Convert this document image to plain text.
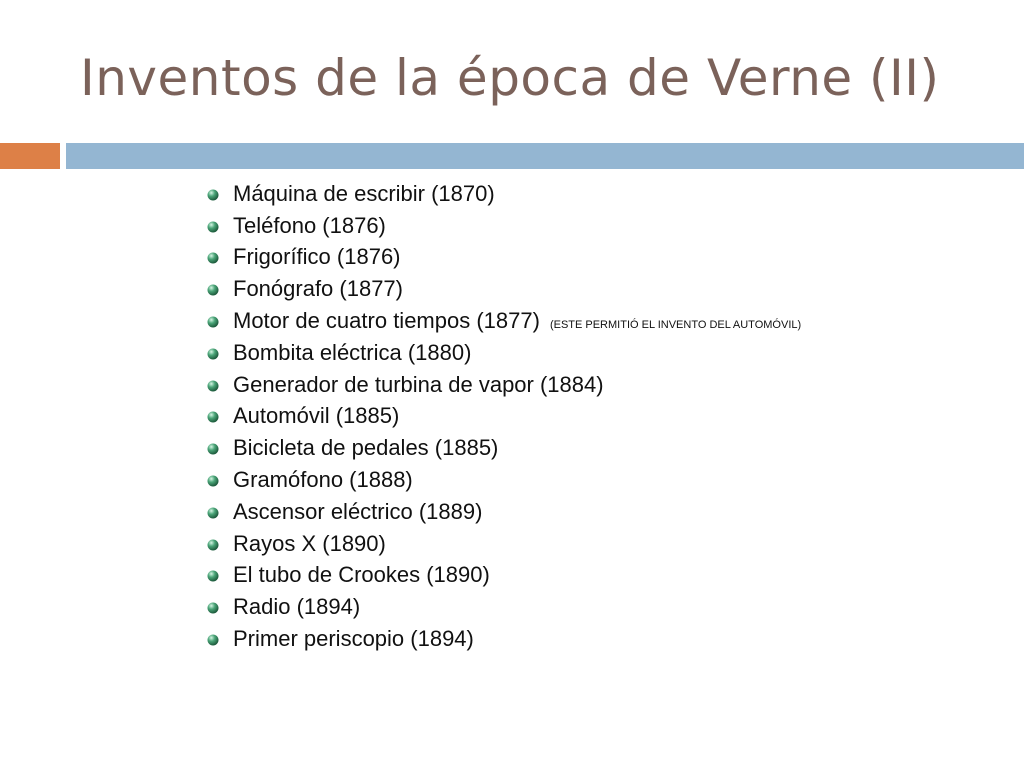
Inventos de la época de Verne (II)
Máquina de escribir (1870)
Teléfono (1876)
Frigorífico (1876)
Fonógrafo (1877)
Motor de cuatro tiempos (1877) (ESTE PERMITIÓ EL INVENTO DEL AUTOMÓVIL)
Bombita eléctrica (1880)
Generador de turbina de vapor (1884)
Automóvil (1885)
Bicicleta de pedales (1885)
Gramófono (1888)
Ascensor eléctrico (1889)
Rayos X (1890)
El tubo de Crookes (1890)
Radio (1894)
Primer periscopio (1894)
